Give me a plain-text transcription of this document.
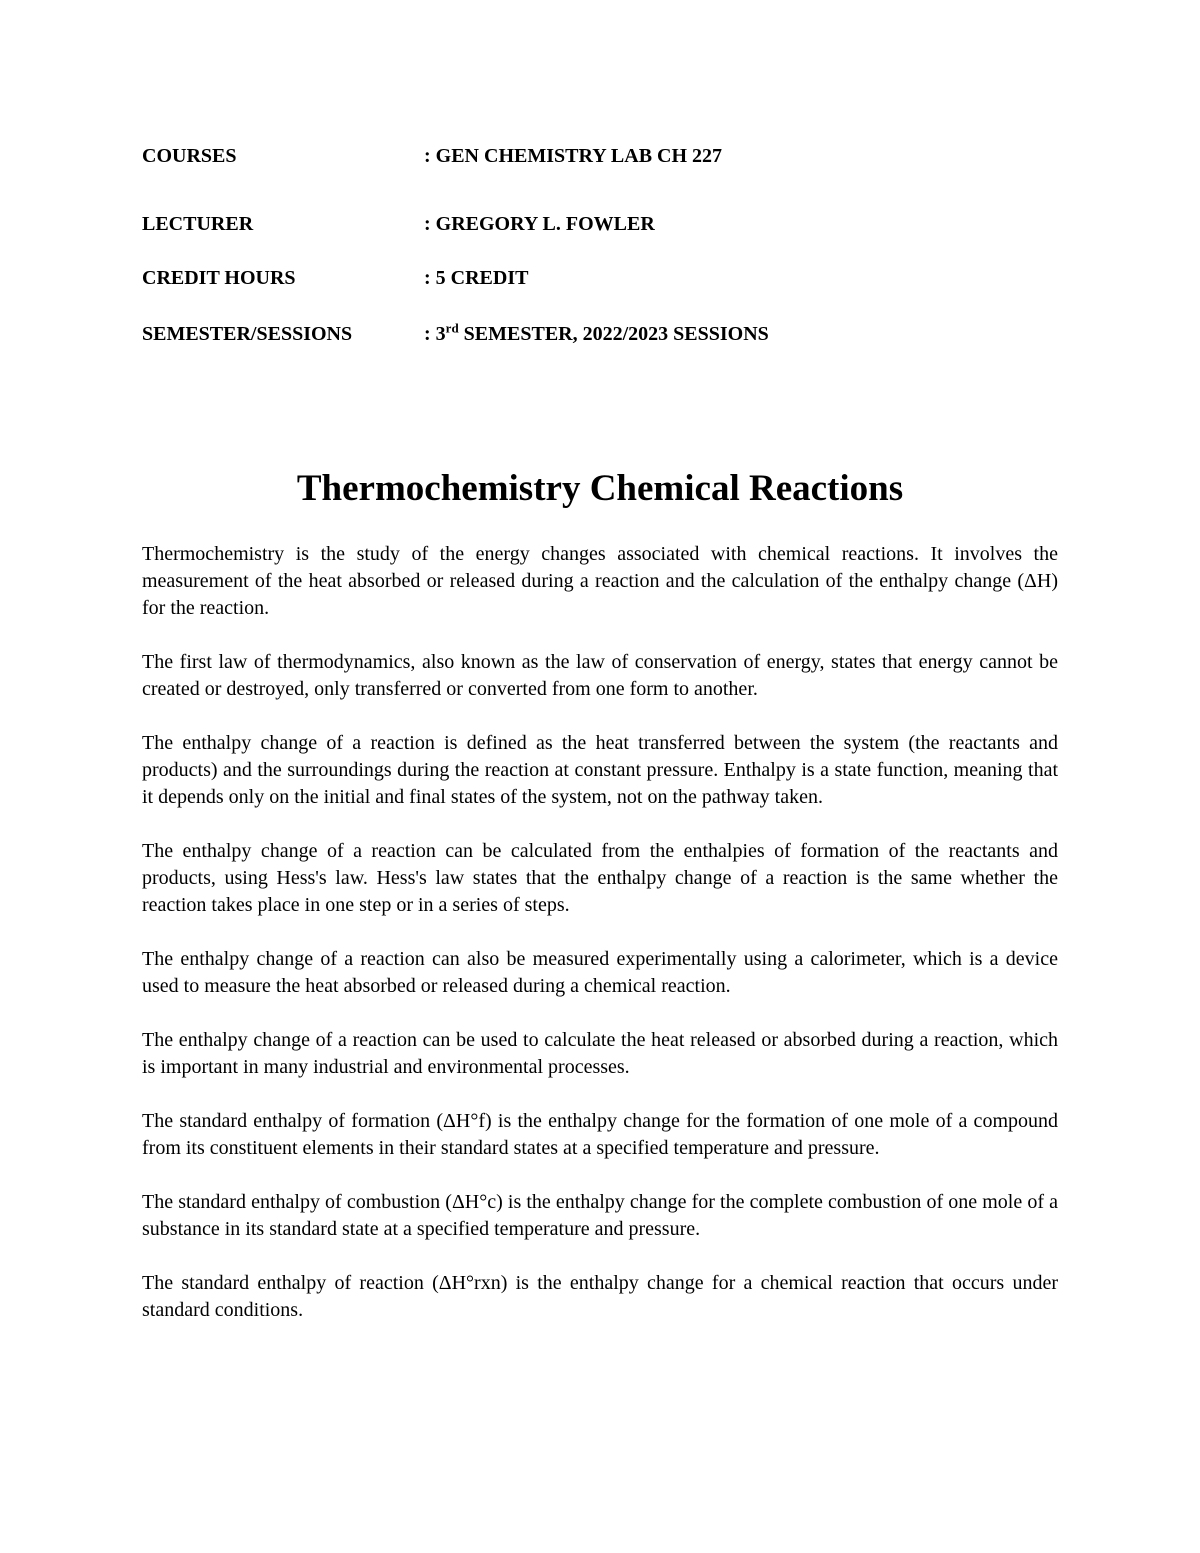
COURSES	: GEN CHEMISTRY LAB CH 227
LECTURER	: GREGORY L. FOWLER
CREDIT HOURS	: 5 CREDIT
SEMESTER/SESSIONS	: 3rd SEMESTER, 2022/2023 SESSIONS
Thermochemistry Chemical Reactions

Thermochemistry is the study of the energy changes associated with chemical reactions. It involves the measurement of the heat absorbed or released during a reaction and the calculation of the enthalpy change (ΔH) for the reaction.

The first law of thermodynamics, also known as the law of conservation of energy, states that energy cannot be created or destroyed, only transferred or converted from one form to another.

The enthalpy change of a reaction is defined as the heat transferred between the system (the reactants and products) and the surroundings during the reaction at constant pressure. Enthalpy is a state function, meaning that it depends only on the initial and final states of the system, not on the pathway taken.

The enthalpy change of a reaction can be calculated from the enthalpies of formation of the reactants and products, using Hess's law. Hess's law states that the enthalpy change of a reaction is the same whether the reaction takes place in one step or in a series of steps.

The enthalpy change of a reaction can also be measured experimentally using a calorimeter, which is a device used to measure the heat absorbed or released during a chemical reaction.

The enthalpy change of a reaction can be used to calculate the heat released or absorbed during a reaction, which is important in many industrial and environmental processes.

The standard enthalpy of formation (ΔH°f) is the enthalpy change for the formation of one mole of a compound from its constituent elements in their standard states at a specified temperature and pressure.

The standard enthalpy of combustion (ΔH°c) is the enthalpy change for the complete combustion of one mole of a substance in its standard state at a specified temperature and pressure.

The standard enthalpy of reaction (ΔH°rxn) is the enthalpy change for a chemical reaction that occurs under standard conditions.
